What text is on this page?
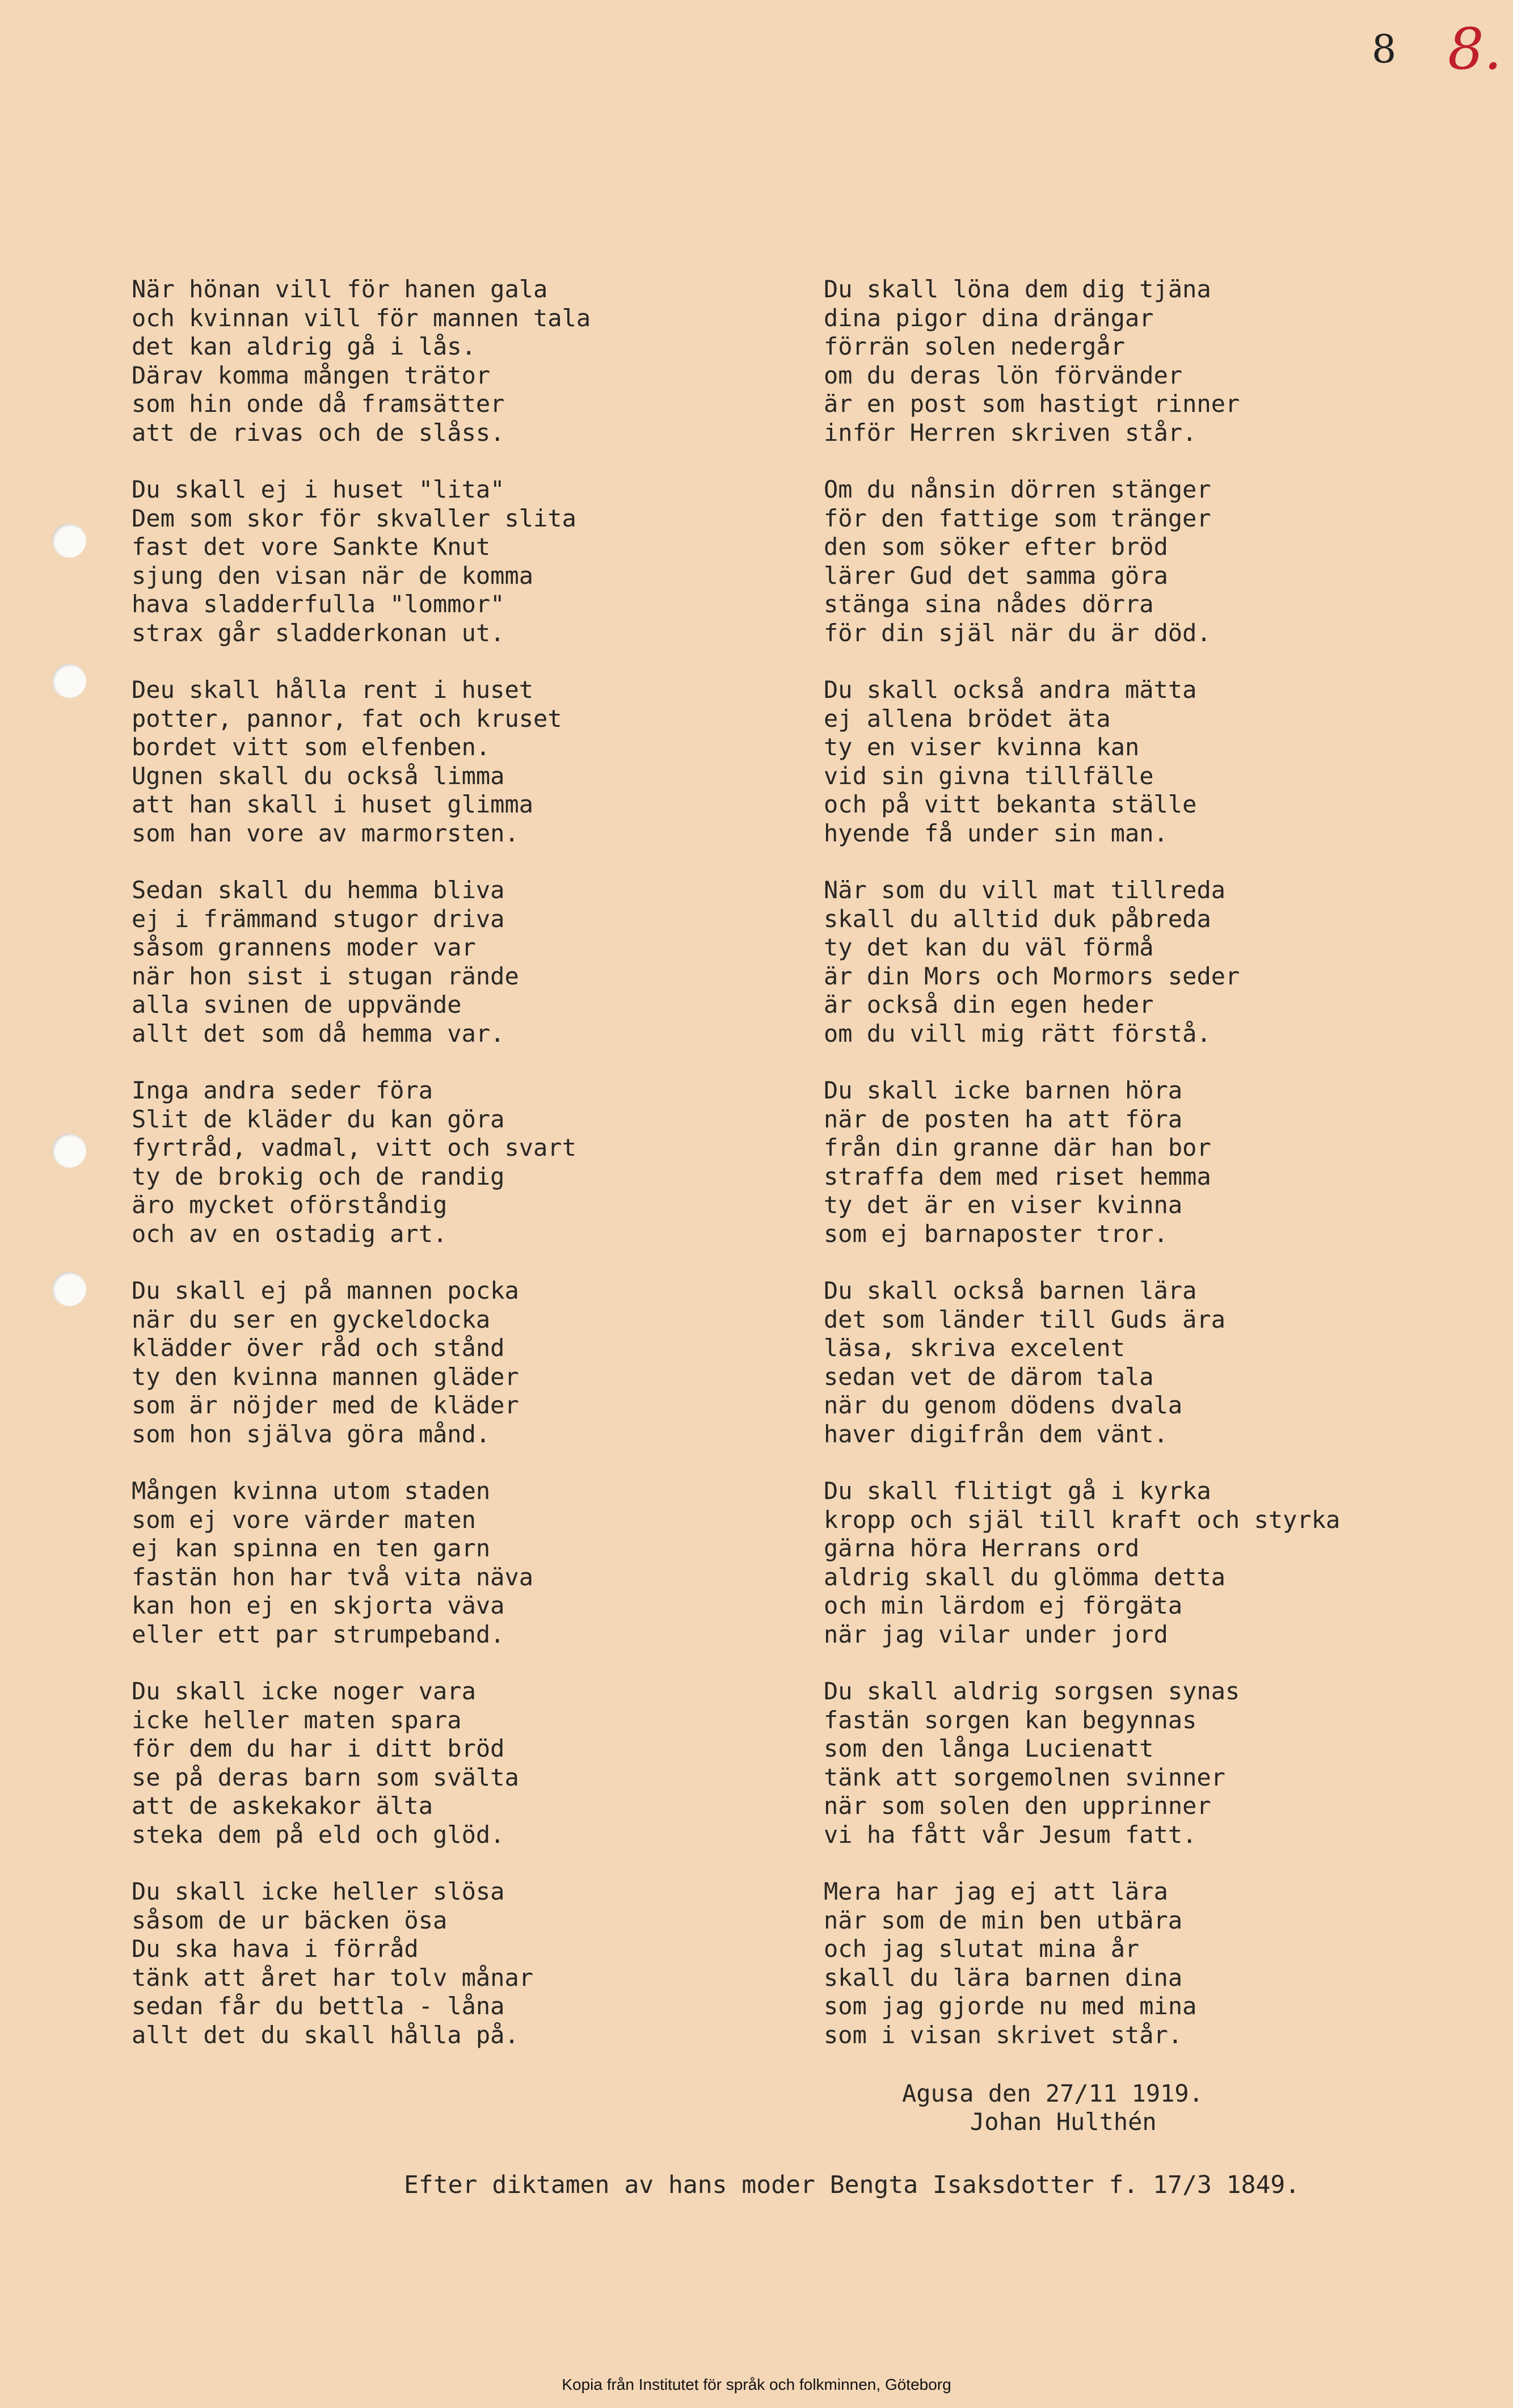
8 8.
När hönan vill för hanen gala
och kvinnan vill för mannen tala
det kan aldrig gå i lås.
Därav komma mången trätor
som hin onde då framsätter
att de rivas och de slåss.
Du skall ej i huset "lita"
Dem som skor för skvaller slita
fast det vore Sankte Knut
sjung den visan när de komma
hava sladderfulla "lommor"
strax går sladderkonan ut.
Deu skall hålla rent i huset
potter, pannor, fat och kruset
bordet vitt som elfenben.
Ugnen skall du också limma
att han skall i huset glimma
som han vore av marmorsten.
Sedan skall du hemma bliva
ej i främmand stugor driva
såsom grannens moder var
när hon sist i stugan rände
alla svinen de uppvände
allt det som då hemma var.
Inga andra seder föra
Slit de kläder du kan göra
fyrtråd, vadmal, vitt och svart
ty de brokig och de randig
äro mycket oförståndig
och av en ostadig art.
Du skall ej på mannen pocka
när du ser en gyckeldocka
klädder över råd och stånd
ty den kvinna mannen gläder
som är nöjder med de kläder
som hon själva göra månd.
Mången kvinna utom staden
som ej vore värder maten
ej kan spinna en ten garn
fastän hon har två vita näva
kan hon ej en skjorta väva
eller ett par strumpeband.
Du skall icke noger vara
icke heller maten spara
för dem du har i ditt bröd
se på deras barn som svälta
att de askekakor älta
steka dem på eld och glöd.
Du skall icke heller slösa
såsom de ur bäcken ösa
Du ska hava i förråd
tänk att året har tolv månar
sedan får du bettla - låna
allt det du skall hålla på.
Du skall löna dem dig tjäna
dina pigor dina drängar
förrän solen nedergår
om du deras lön förvänder
är en post som hastigt rinner
inför Herren skriven står.
Om du nånsin dörren stänger
för den fattige som tränger
den som söker efter bröd
lärer Gud det samma göra
stänga sina nådes dörra
för din själ när du är död.
Du skall också andra mätta
ej allena brödet äta
ty en viser kvinna kan
vid sin givna tillfälle
och på vitt bekanta ställe
hyende få under sin man.
När som du vill mat tillreda
skall du alltid duk påbreda
ty det kan du väl förmå
är din Mors och Mormors seder
är också din egen heder
om du vill mig rätt förstå.
Du skall icke barnen höra
när de posten ha att föra
från din granne där han bor
straffa dem med riset hemma
ty det är en viser kvinna
som ej barnaposter tror.
Du skall också barnen lära
det som länder till Guds ära
läsa, skriva excelent
sedan vet de därom tala
när du genom dödens dvala
haver digifrån dem vänt.
Du skall flitigt gå i kyrka
kropp och själ till kraft och styrka
gärna höra Herrans ord
aldrig skall du glömma detta
och min lärdom ej förgäta
när jag vilar under jord
Du skall aldrig sorgsen synas
fastän sorgen kan begynnas
som den långa Lucienatt
tänk att sorgemolnen svinner
när som solen den upprinner
vi ha fått vår Jesum fatt.
Mera har jag ej att lära
när som de min ben utbära
och jag slutat mina år
skall du lära barnen dina
som jag gjorde nu med mina
som i visan skrivet står.
Agusa den 27/11 1919.
Johan Hulthén
Efter diktamen av hans moder Bengta Isaksdotter f. 17/3 1849.
Kopia från Institutet för språk och folkminnen, Göteborg
